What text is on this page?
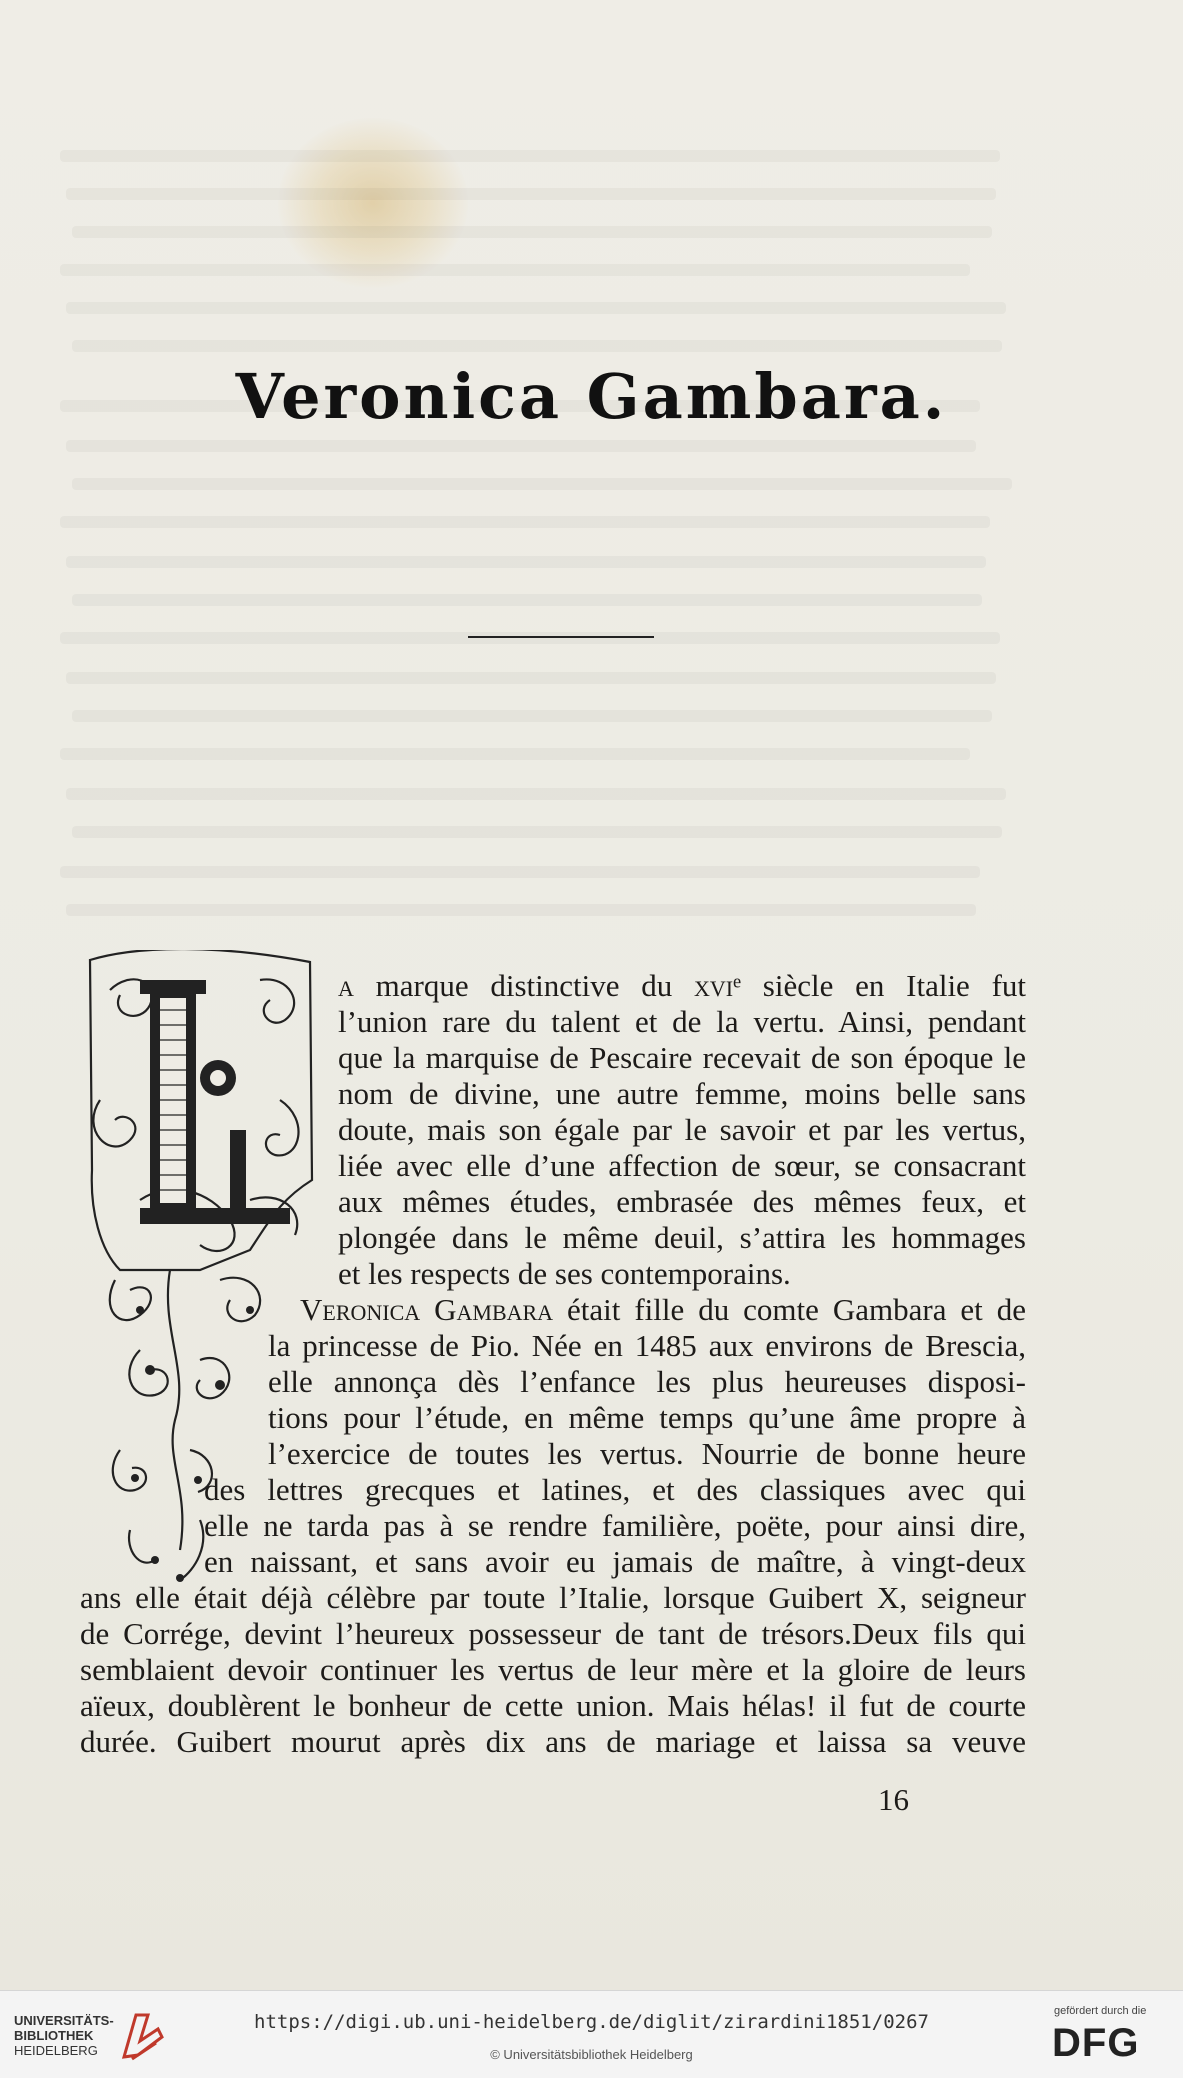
Veronica Gambara.
a marque distinctive du xviᵉ siècle en Italie fut
l’union rare du talent et de la vertu. Ainsi, pendant
que la marquise de Pescaire recevait de son époque le
nom de divine, une autre femme, moins belle sans
doute, mais son égale par le savoir et par les vertus,
liée avec elle d’une affection de sœur, se consacrant
aux mêmes études, embrasée des mêmes feux, et
plongée dans le même deuil, s’attira les hommages
et les respects de ses contemporains.
Veronica Gambara était fille du comte Gambara et de
la princesse de Pio. Née en 1485 aux environs de Brescia,
elle annonça dès l’enfance les plus heureuses disposi-
tions pour l’étude, en même temps qu’une âme propre à
l’exercice de toutes les vertus. Nourrie de bonne heure
des lettres grecques et latines, et des classiques avec qui
elle ne tarda pas à se rendre familière, poëte, pour ainsi dire,
en naissant, et sans avoir eu jamais de maître, à vingt-deux
ans elle était déjà célèbre par toute l’Italie, lorsque Guibert X, seigneur
de Corrége, devint l’heureux possesseur de tant de trésors.Deux fils qui
semblaient devoir continuer les vertus de leur mère et la gloire de leurs
aïeux, doublèrent le bonheur de cette union. Mais hélas! il fut de courte
durée. Guibert mourut après dix ans de mariage et laissa sa veuve
16
UNIVERSITÄTS-
BIBLIOTHEK
HEIDELBERG
https://digi.ub.uni-heidelberg.de/diglit/zirardini1851/0267
© Universitätsbibliothek Heidelberg
gefördert durch die
DFG
